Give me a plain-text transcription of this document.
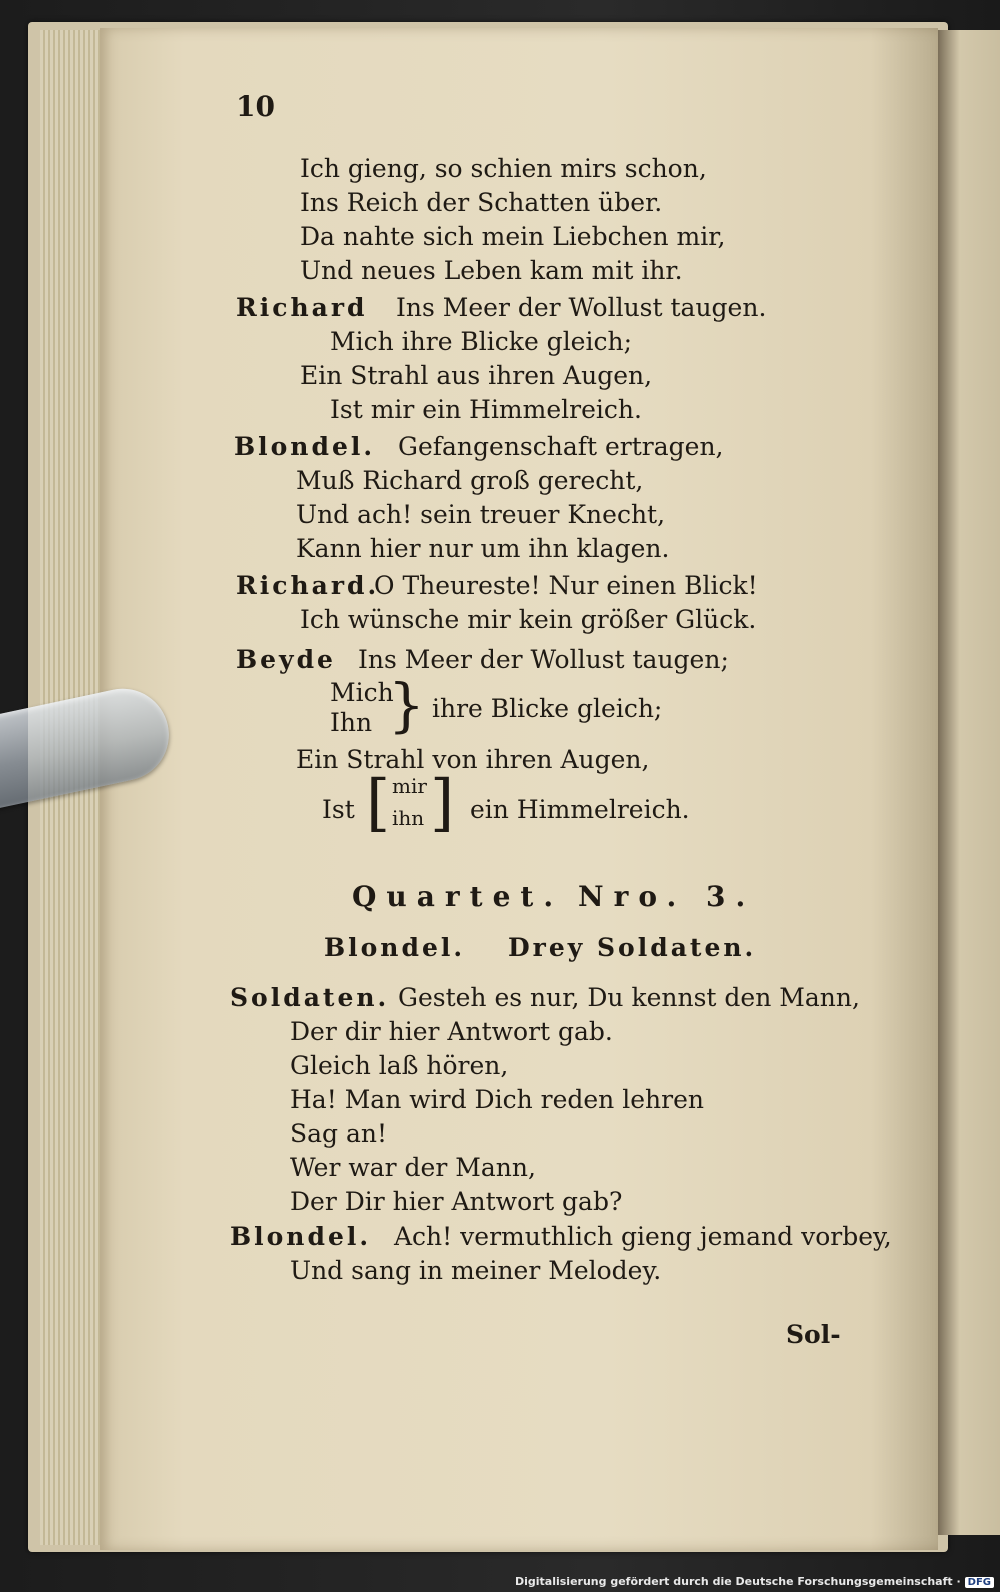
10
Ich gieng, so schien mirs schon,
Ins Reich der Schatten über.
Da nahte sich mein Liebchen mir,
Und neues Leben kam mit ihr.
Richard Ins Meer der Wollust taugen.
Mich ihre Blicke gleich;
Ein Strahl aus ihren Augen,
Ist mir ein Himmelreich.
Blondel. Gefangenschaft ertragen,
Muß Richard groß gerecht,
Und ach! sein treuer Knecht,
Kann hier nur um ihn klagen.
Richard.
O Theureste! Nur einen Blick!
Ich wünsche mir kein größer Glück.
Beyde Ins Meer der Wollust taugen;
Mich
Ihn } ihre Blicke gleich;
Ein Strahl von ihren Augen,
Ist [ mir
ihn ] ein Himmelreich.
Quartet. Nro. 3.
Blondel. Drey Soldaten.
Soldaten. Gesteh es nur, Du kennst den Mann,
Der dir hier Antwort gab.
Gleich laß hören,
Ha! Man wird Dich reden lehren
Sag an!
Wer war der Mann,
Der Dir hier Antwort gab?
Blondel. Ach! vermuthlich gieng jemand vorbey,
Und sang in meiner Melodey.
Sol-
Digitalisierung gefördert durch die Deutsche Forschungsgemeinschaft · DFG
